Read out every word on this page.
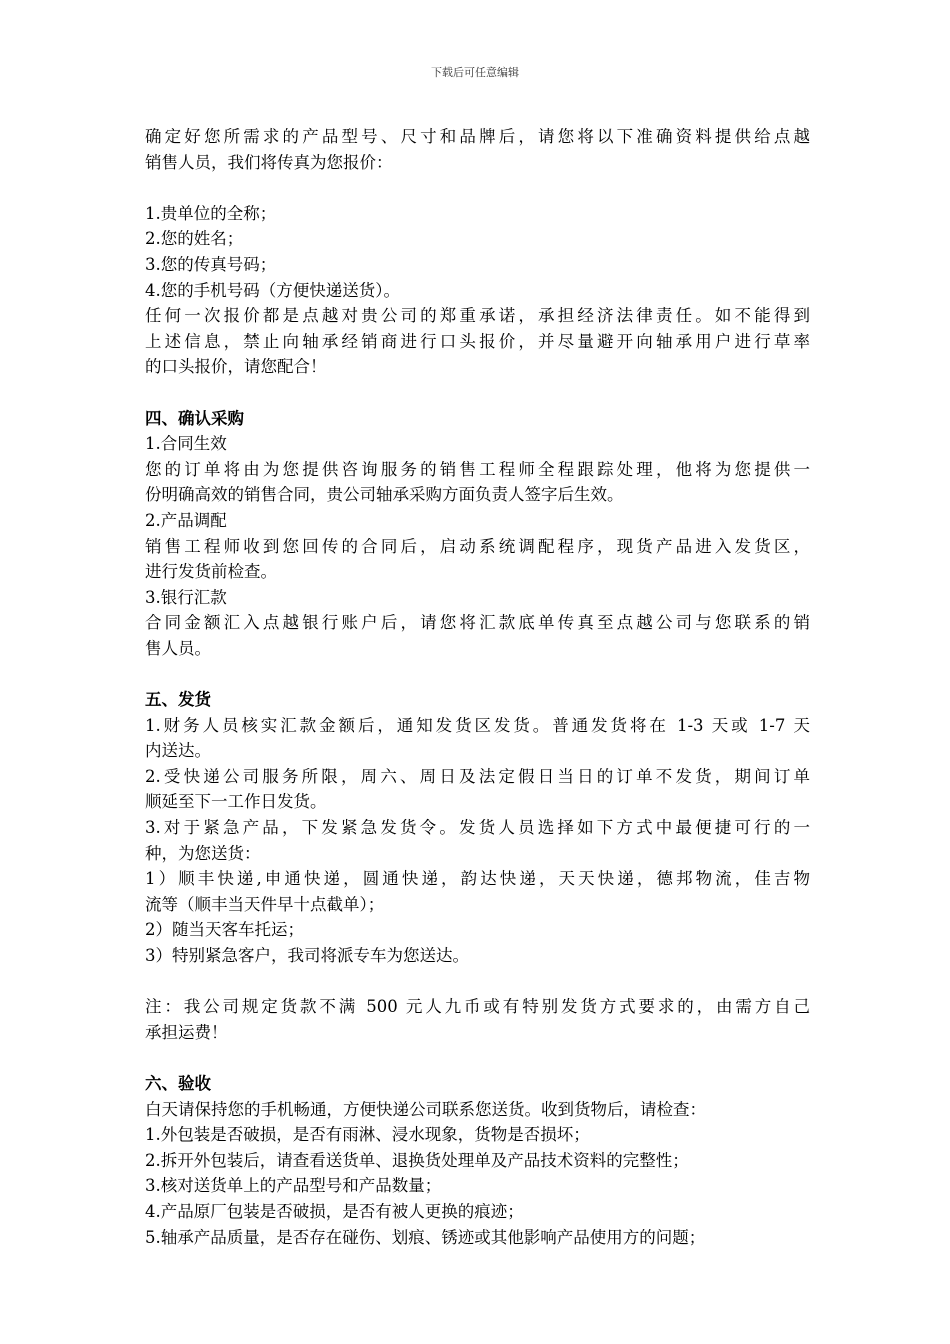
下载后可任意编辑
确定好您所需求的产品型号、尺寸和品牌后，请您将以下准确资料提供给点越
销售人员，我们将传真为您报价：
1.贵单位的全称；
2.您的姓名；
3.您的传真号码；
4.您的手机号码（方便快递送货）。
任何一次报价都是点越对贵公司的郑重承诺，承担经济法律责任。如不能得到
上述信息，禁止向轴承经销商进行口头报价，并尽量避开向轴承用户进行草率
的口头报价，请您配合！
四、确认采购
1.合同生效
您的订单将由为您提供咨询服务的销售工程师全程跟踪处理，他将为您提供一
份明确高效的销售合同，贵公司轴承采购方面负责人签字后生效。
2.产品调配
销售工程师收到您回传的合同后，启动系统调配程序，现货产品进入发货区，
进行发货前检查。
3.银行汇款
合同金额汇入点越银行账户后，请您将汇款底单传真至点越公司与您联系的销
售人员。
五、发货
1.财务人员核实汇款金额后，通知发货区发货。普通发货将在 1-3 天或 1-7 天
内送达。
2.受快递公司服务所限，周六、周日及法定假日当日的订单不发货，期间订单
顺延至下一工作日发货。
3.对于紧急产品，下发紧急发货令。发货人员选择如下方式中最便捷可行的一
种，为您送货：
1）顺丰快递,申通快递，圆通快递，韵达快递，天天快递，德邦物流，佳吉物
流等（顺丰当天件早十点截单）；
2）随当天客车托运；
3）特别紧急客户，我司将派专车为您送达。
注：我公司规定货款不满 500 元人九币或有特别发货方式要求的，由需方自己
承担运费！
六、验收
白天请保持您的手机畅通，方便快递公司联系您送货。收到货物后，请检查：
1.外包装是否破损，是否有雨淋、浸水现象，货物是否损坏；
2.拆开外包装后，请查看送货单、退换货处理单及产品技术资料的完整性；
3.核对送货单上的产品型号和产品数量；
4.产品原厂包装是否破损，是否有被人更换的痕迹；
5.轴承产品质量，是否存在碰伤、划痕、锈迹或其他影响产品使用方的问题；
